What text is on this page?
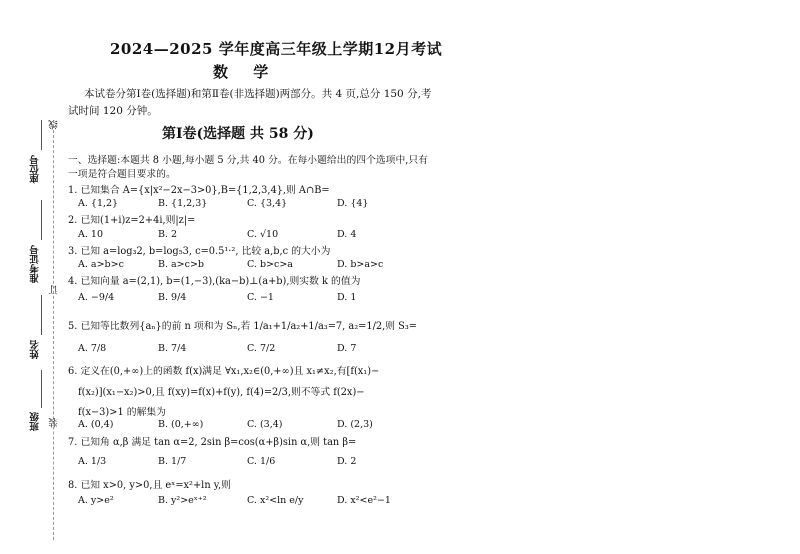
线
订
装
座位号
准考证号
姓名
班级
2024—2025 学年度高三年级上学期12月考试
数 学
本试卷分第Ⅰ卷(选择题)和第Ⅱ卷(非选择题)两部分。共 4 页,总分 150 分,考
试时间 120 分钟。
第Ⅰ卷(选择题 共 58 分)
一、选择题:本题共 8 小题,每小题 5 分,共 40 分。在每小题给出的四个选项中,只有
一项是符合题目要求的。
1. 已知集合 A={x|x²−2x−3>0},B={1,2,3,4},则 A∩B=
A. {1,2}	B. {1,2,3}	C. {3,4}	D. {4}
2. 已知(1+i)z=2+4i,则|z|=
A. 10	B. 2	C. √10	D. 4
3. 已知 a=log₃2, b=log₅3, c=0.5¹·², 比较 a,b,c 的大小为
A. a>b>c	B. a>c>b	C. b>c>a	D. b>a>c
4. 已知向量 a=(2,1), b=(1,−3),(ka−b)⊥(a+b),则实数 k 的值为
A. −9/4	B. 9/4	C. −1	D. 1
5. 已知等比数列{aₙ}的前 n 项和为 Sₙ,若 1/a₁+1/a₂+1/a₃=7, a₂=1/2,则 S₃=
A. 7/8	B. 7/4	C. 7/2	D. 7
6. 定义在(0,+∞)上的函数 f(x)满足 ∀x₁,x₂∈(0,+∞)且 x₁≠x₂,有[f(x₁)−
f(x₂)](x₁−x₂)>0,且 f(xy)=f(x)+f(y), f(4)=2/3,则不等式 f(2x)−
f(x−3)>1 的解集为
A. (0,4)	B. (0,+∞)	C. (3,4)	D. (2,3)
7. 已知角 α,β 满足 tan α=2, 2sin β=cos(α+β)sin α,则 tan β=
A. 1/3	B. 1/7	C. 1/6	D. 2
8. 已知 x>0, y>0,且 eˣ=x²+ln y,则
A. y>e²	B. y²>eˣ⁺²	C. x²<ln e/y	D. x²<e²−1
